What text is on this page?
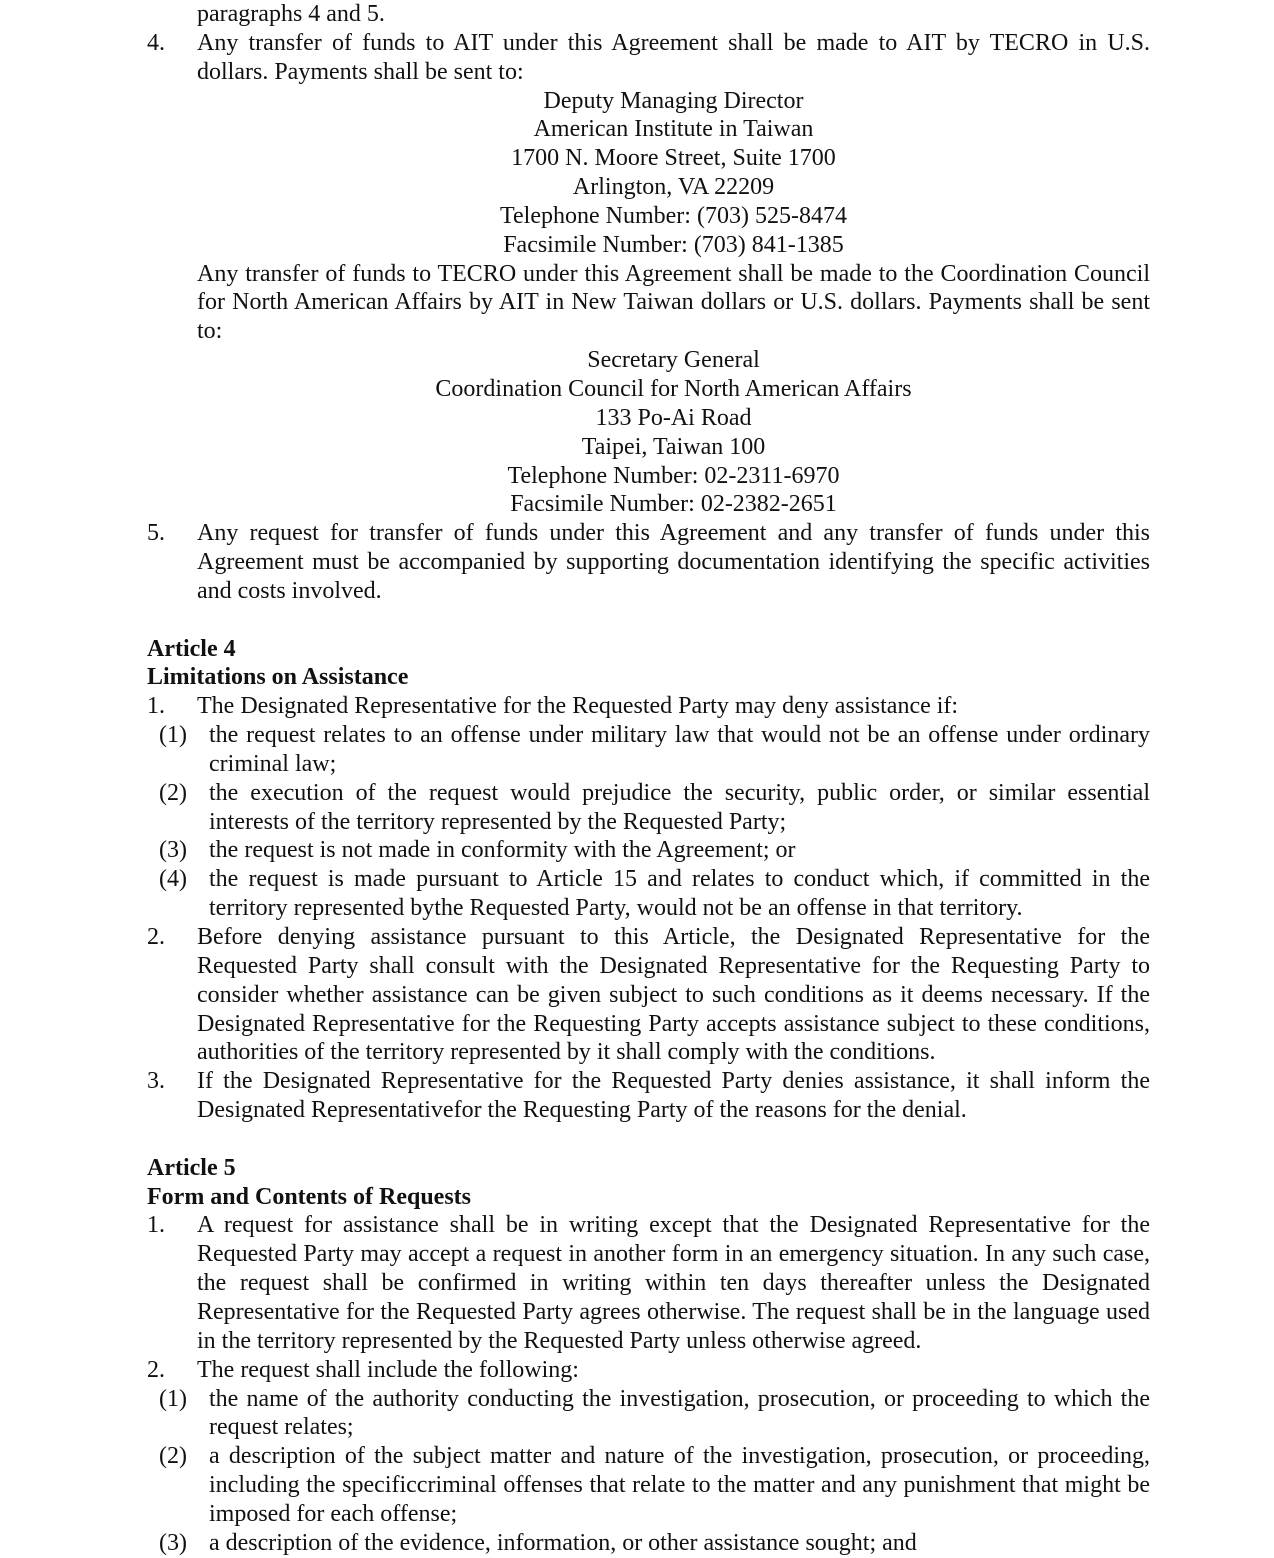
paragraphs 4 and 5.
4. Any transfer of funds to AIT under this Agreement shall be made to AIT by TECRO in U.S. dollars. Payments shall be sent to:

Deputy Managing Director
American Institute in Taiwan
1700 N. Moore Street, Suite 1700
Arlington, VA 22209
Telephone Number: (703) 525-8474
Facsimile Number: (703) 841-1385
Any transfer of funds to TECRO under this Agreement shall be made to the Coordination Council for North American Affairs by AIT in New Taiwan dollars or U.S. dollars. Payments shall be sent to:
Secretary General
Coordination Council for North American Affairs
133 Po-Ai Road
Taipei, Taiwan 100
Telephone Number: 02-2311-6970
Facsimile Number: 02-2382-2651
5. Any request for transfer of funds under this Agreement and any transfer of funds under this Agreement must be accompanied by supporting documentation identifying the specific activities and costs involved.

Article 4
Limitations on Assistance
1. The Designated Representative for the Requested Party may deny assistance if:

(1) the request relates to an offense under military law that would not be an offense under ordinary criminal law;

(2) the execution of the request would prejudice the security, public order, or similar essential interests of the territory represented by the Requested Party;

(3) the request is not made in conformity with the Agreement; or

(4) the request is made pursuant to Article 15 and relates to conduct which, if committed in the territory represented bythe Requested Party, would not be an offense in that territory.

2. Before denying assistance pursuant to this Article, the Designated Representative for the Requested Party shall consult with the Designated Representative for the Requesting Party to consider whether assistance can be given subject to such conditions as it deems necessary. If the Designated Representative for the Requesting Party accepts assistance subject to these conditions, authorities of the territory represented by it shall comply with the conditions.

3. If the Designated Representative for the Requested Party denies assistance, it shall inform the Designated Representativefor the Requesting Party of the reasons for the denial.

Article 5
Form and Contents of Requests
1. A request for assistance shall be in writing except that the Designated Representative for the Requested Party may accept a request in another form in an emergency situation. In any such case, the request shall be confirmed in writing within ten days thereafter unless the Designated Representative for the Requested Party agrees otherwise. The request shall be in the language used in the territory represented by the Requested Party unless otherwise agreed.

2. The request shall include the following:

(1) the name of the authority conducting the investigation, prosecution, or proceeding to which the request relates;

(2) a description of the subject matter and nature of the investigation, prosecution, or proceeding, including the specificcriminal offenses that relate to the matter and any punishment that might be imposed for each offense;

(3) a description of the evidence, information, or other assistance sought; and
